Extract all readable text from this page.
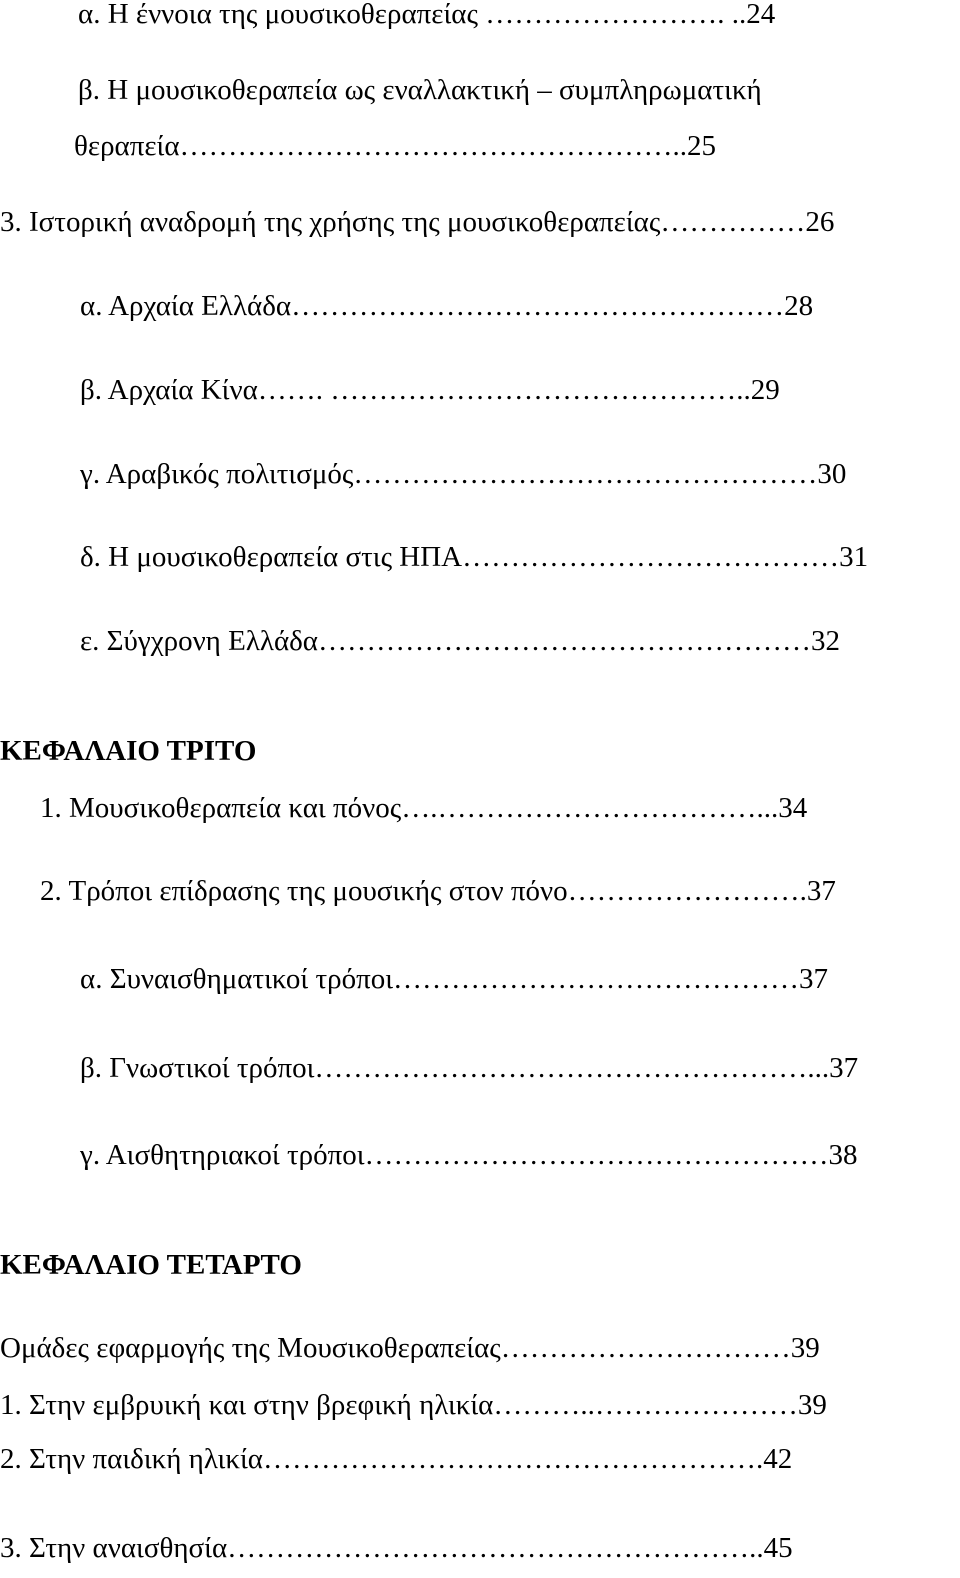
α. Η έννοια της μουσικοθεραπείας ……………………. ..24

β. Η μουσικοθεραπεία ως εναλλακτική – συμπληρωματική

θεραπεία……………………………………………..25

3. Ιστορική αναδρομή της χρήσης της μουσικοθεραπείας……………26

α. Αρχαία Ελλάδα……………………………………………28

β. Αρχαία Κίνα……. ……………………………………..29

γ. Αραβικός πολιτισμός…………………………………………30

δ. Η μουσικοθεραπεία στις ΗΠΑ…………………………………31

ε. Σύγχρονη Ελλάδα……………………………………………32

ΚΕΦΑΛΑΙΟ ΤΡΙΤΟ

1. Μουσικοθεραπεία και πόνος….……………………………...34

2. Τρόποι επίδρασης της μουσικής στον πόνο…………………….37

α. Συναισθηματικοί τρόποι……………………………………37

β. Γνωστικοί τρόποι……………………………………………...37

γ. Αισθητηριακοί τρόποι…………………………………………38

ΚΕΦΑΛΑΙΟ ΤΕΤΑΡΤΟ

Ομάδες εφαρμογής της Μουσικοθεραπείας…………………………39

1. Στην εμβρυική και στην βρεφική ηλικία………..…………………39

2. Στην παιδική ηλικία…………………………………………….42

3. Στην αναισθησία………………………………………………..45
